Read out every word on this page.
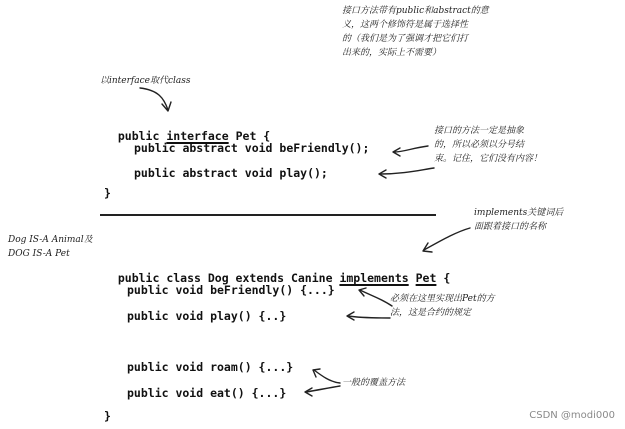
public interface Pet {

public abstract void beFriendly();
public abstract void play();
}

public class Dog extends Canine implements Pet {

public void beFriendly() {...}
public void play() {..}
public void roam() {...}
public void eat() {...}
}
接口方法带有public和abstract的意
义，这两个修饰符是属于选择性
的（我们是为了强调才把它们打
出来的，实际上不需要）
以interface取代class
接口的方法一定是抽象
的，所以必须以分号结
束。记住，它们没有内容！
implements关键词后
面跟着接口的名称
Dog IS-A Animal及
DOG IS-A Pet
必须在这里实现出Pet的方
法，这是合约的规定
一般的覆盖方法
CSDN @modi000
